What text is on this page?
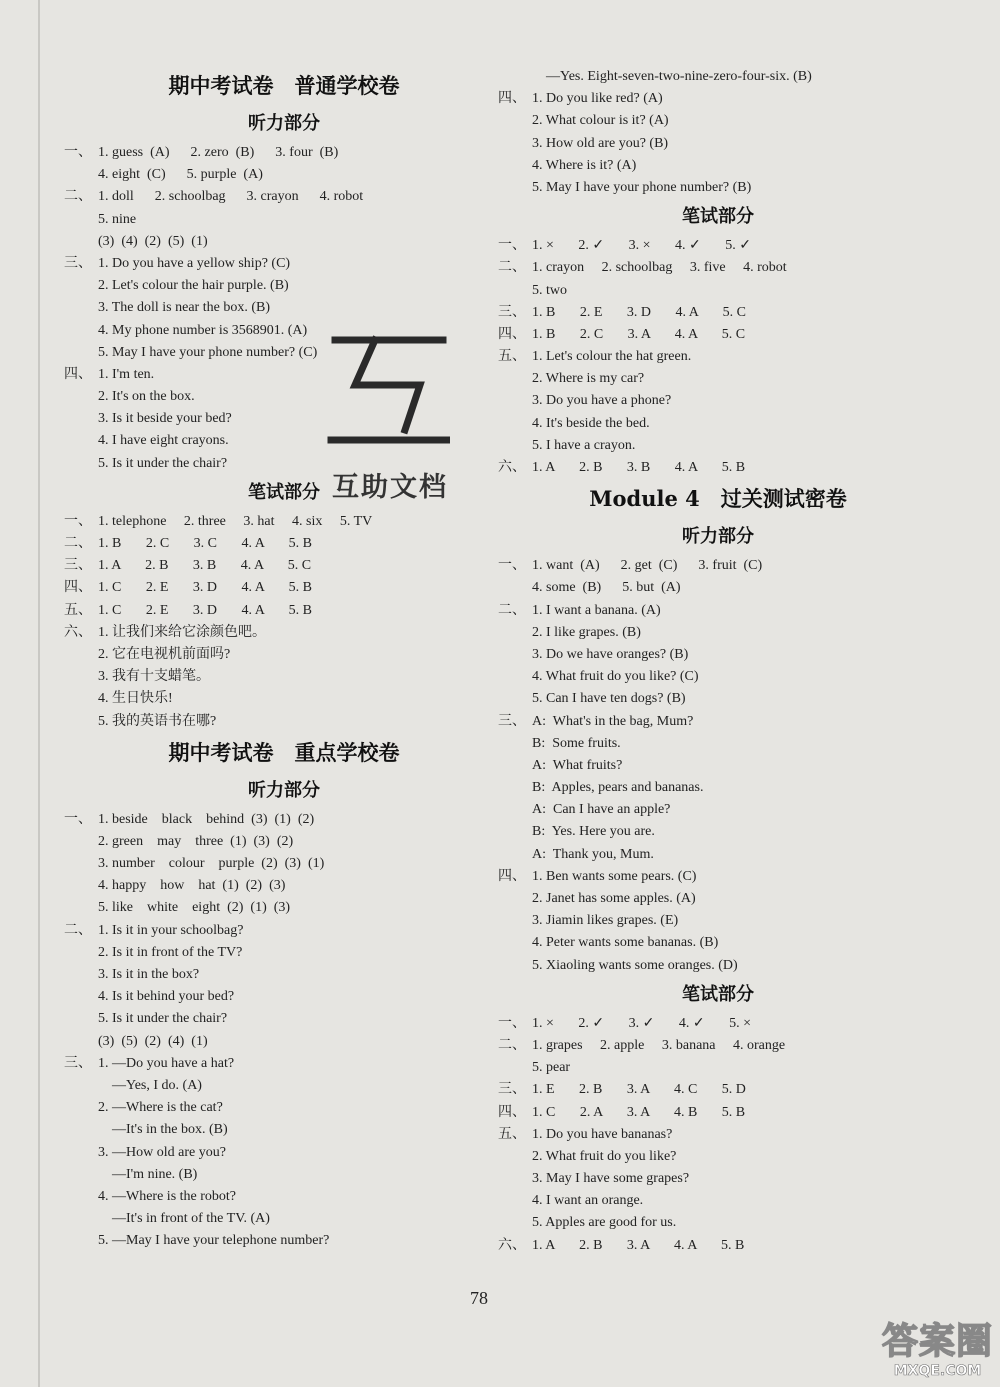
期中考试卷　普通学校卷
听力部分
一、 1. guess  (A)      2. zero  (B)      3. four  (B)
4. eight  (C)      5. purple  (A)
二、 1. doll      2. schoolbag      3. crayon      4. robot
5. nine
(3)  (4)  (2)  (5)  (1)
三、 1. Do you have a yellow ship? (C)
2. Let's colour the hair purple. (B)
3. The doll is near the box. (B)
4. My phone number is 3568901. (A)
5. May I have your phone number? (C)
四、 1. I'm ten.
2. It's on the box.
3. Is it beside your bed?
4. I have eight crayons.
5. Is it under the chair?
笔试部分
一、 1. telephone     2. three     3. hat     4. six     5. TV
二、 1. B       2. C       3. C       4. A       5. B
三、 1. A       2. B       3. B       4. A       5. C
四、 1. C       2. E       3. D       4. A       5. B
五、 1. C       2. E       3. D       4. A       5. B
六、 1. 让我们来给它涂颜色吧。
2. 它在电视机前面吗?
3. 我有十支蜡笔。
4. 生日快乐!
5. 我的英语书在哪?
期中考试卷　重点学校卷
听力部分
一、 1. beside    black    behind  (3)  (1)  (2)
2. green    may    three  (1)  (3)  (2)
3. number    colour    purple  (2)  (3)  (1)
4. happy    how    hat  (1)  (2)  (3)
5. like    white    eight  (2)  (1)  (3)
二、 1. Is it in your schoolbag?
2. Is it in front of the TV?
3. Is it in the box?
4. Is it behind your bed?
5. Is it under the chair?
(3)  (5)  (2)  (4)  (1)
三、 1. —Do you have a hat?
—Yes, I do. (A)
2. —Where is the cat?
—It's in the box. (B)
3. —How old are you?
—I'm nine. (B)
4. —Where is the robot?
—It's in front of the TV. (A)
5. —May I have your telephone number?
—Yes. Eight-seven-two-nine-zero-four-six. (B)
四、 1. Do you like red? (A)
2. What colour is it? (A)
3. How old are you? (B)
4. Where is it? (A)
5. May I have your phone number? (B)
笔试部分
一、 1. ×       2. ✓       3. ×       4. ✓       5. ✓
二、 1. crayon     2. schoolbag     3. five     4. robot
5. two
三、 1. B       2. E       3. D       4. A       5. C
四、 1. B       2. C       3. A       4. A       5. C
五、 1. Let's colour the hat green.
2. Where is my car?
3. Do you have a phone?
4. It's beside the bed.
5. I have a crayon.
六、 1. A       2. B       3. B       4. A       5. B
Module 4　过关测试密卷
听力部分
一、 1. want  (A)      2. get  (C)      3. fruit  (C)
4. some  (B)      5. but  (A)
二、 1. I want a banana. (A)
2. I like grapes. (B)
3. Do we have oranges? (B)
4. What fruit do you like? (C)
5. Can I have ten dogs? (B)
三、 A:  What's in the bag, Mum?
B:  Some fruits.
A:  What fruits?
B:  Apples, pears and bananas.
A:  Can I have an apple?
B:  Yes. Here you are.
A:  Thank you, Mum.
四、 1. Ben wants some pears. (C)
2. Janet has some apples. (A)
3. Jiamin likes grapes. (E)
4. Peter wants some bananas. (B)
5. Xiaoling wants some oranges. (D)
笔试部分
一、 1. ×       2. ✓       3. ✓       4. ✓       5. ×
二、 1. grapes     2. apple     3. banana     4. orange
5. pear
三、 1. E       2. B       3. A       4. C       5. D
四、 1. C       2. A       3. A       4. B       5. B
五、 1. Do you have bananas?
2. What fruit do you like?
3. May I have some grapes?
4. I want an orange.
5. Apples are good for us.
六、 1. A       2. B       3. A       4. A       5. B
互助文档
78
答案圈
MXQE.COM
